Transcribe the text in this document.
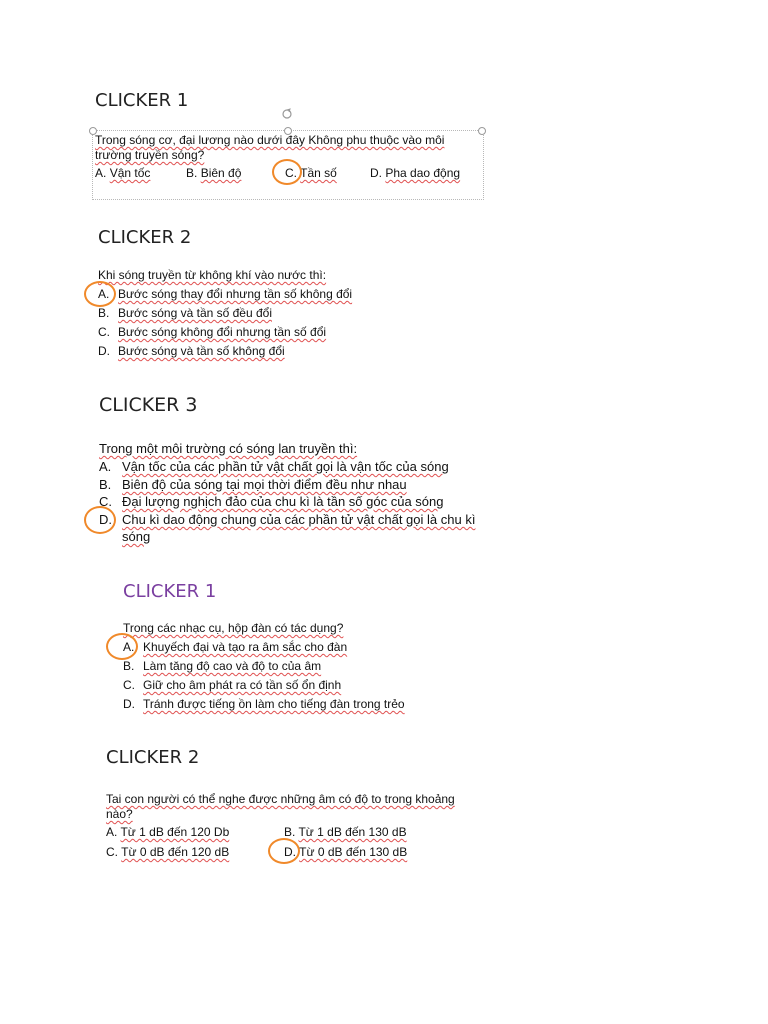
CLICKER 1
Trong sóng cơ, đại lương nào dưới đây Không phu thuộc vào môi trường truyền sóng?
A. Vận tốc	B. Biên độ	C. Tần số	D. Pha dao động
CLICKER 2
Khi sóng truyền từ không khí vào nước thì:
A. Bước sóng thay đổi nhưng tần số không đổi
B. Bước sóng và tần số đều đổi
C. Bước sóng không đổi nhưng tần số đổi
D. Bước sóng và tần số không đổi
CLICKER 3
Trong một môi trường có sóng lan truyền thì:
A. Vận tốc của các phần tử vật chất gọi là vận tốc của sóng
B. Biên độ của sóng tại mọi thời điểm đều như nhau
C. Đại lượng nghịch đảo của chu kì là tần số góc của sóng
D. Chu kì dao động chung của các phần tử vật chất gọi là chu kì sóng
CLICKER 1
Trong các nhạc cụ, hộp đàn có tác dụng?
A. Khuyếch đại và tạo ra âm sắc cho đàn
B. Làm tăng độ cao và độ to của âm
C. Giữ cho âm phát ra có tần số ổn định
D. Tránh được tiếng ồn làm cho tiếng đàn trong trẻo
CLICKER 2
Tai con người có thể nghe được những âm có độ to trong khoảng nào?
A. Từ 1 dB đến 120 Db	B. Từ 1 dB đến 130 dB
C. Từ 0 dB đến 120 dB	D. Từ 0 dB đến 130 dB
